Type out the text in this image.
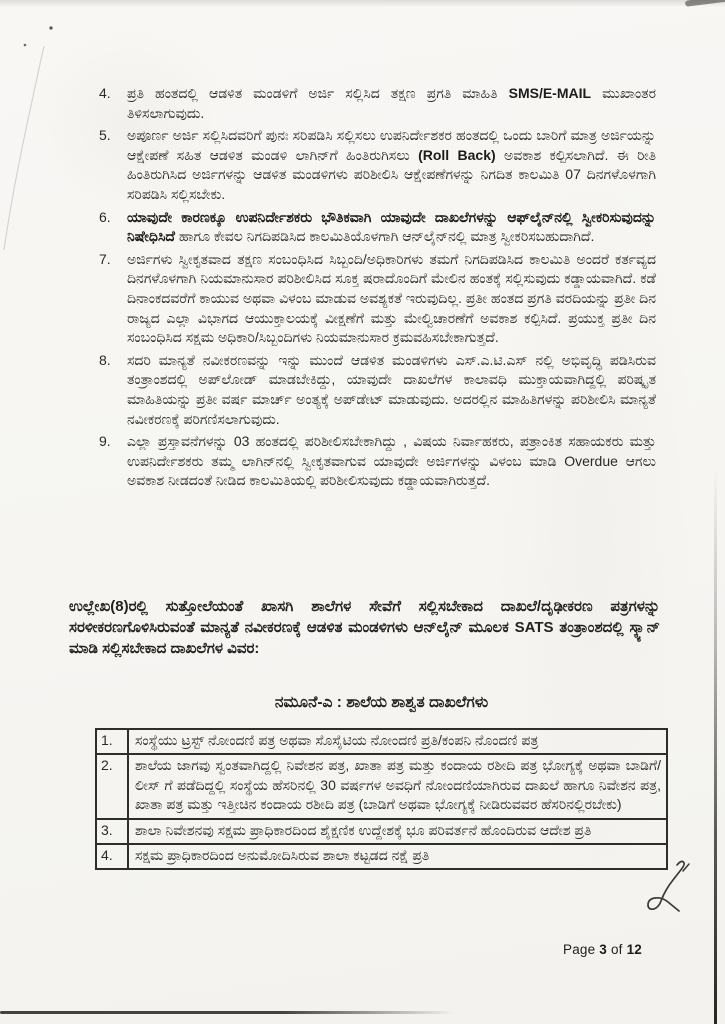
4.	ಪ್ರತಿ ಹಂತದಲ್ಲಿ ಆಡಳಿತ ಮಂಡಳಿಗೆ ಅರ್ಜಿ ಸಲ್ಲಿಸಿದ ತಕ್ಷಣ ಪ್ರಗತಿ ಮಾಹಿತಿ SMS/E-MAIL ಮುಖಾಂತರ ತಿಳಿಸಲಾಗುವುದು.
5.	ಅಪೂರ್ಣ ಅರ್ಜಿ ಸಲ್ಲಿಸಿದವರಿಗೆ ಪುನಃ ಸರಿಪಡಿಸಿ ಸಲ್ಲಿಸಲು ಉಪನಿರ್ದೇಶಕರ ಹಂತದಲ್ಲಿ ಒಂದು ಬಾರಿಗೆ ಮಾತ್ರ ಅರ್ಜಿಯನ್ನು ಆಕ್ಷೇಪಣೆ ಸಹಿತ ಆಡಳಿತ ಮಂಡಳಿ ಲಾಗಿನ್‌ಗೆ ಹಿಂತಿರುಗಿಸಲು (Roll Back) ಅವಕಾಶ ಕಲ್ಪಿಸಲಾಗಿದೆ. ಈ ರೀತಿ ಹಿಂತಿರುಗಿಸಿದ ಅರ್ಜಿಗಳನ್ನು ಆಡಳಿತ ಮಂಡಳಿಗಳು ಪರಿಶೀಲಿಸಿ ಆಕ್ಷೇಪಣೆಗಳನ್ನು ನಿಗದಿತ ಕಾಲಮಿತಿ 07 ದಿನಗಳೊಳಗಾಗಿ ಸರಿಪಡಿಸಿ ಸಲ್ಲಿಸಬೇಕು.
6.	ಯಾವುದೇ ಕಾರಣಕ್ಕೂ ಉಪನಿರ್ದೇಶಕರು ಭೌತಿಕವಾಗಿ ಯಾವುದೇ ದಾಖಲೆಗಳನ್ನು ಆಫ್‌ಲೈನ್‌ನಲ್ಲಿ ಸ್ವೀಕರಿಸುವುದನ್ನು ನಿಷೇಧಿಸಿದೆ ಹಾಗೂ ಕೇವಲ ನಿಗದಿಪಡಿಸಿದ ಕಾಲಮಿತಿಯೊಳಗಾಗಿ ಆನ್‌ಲೈನ್‌ನಲ್ಲಿ ಮಾತ್ರ ಸ್ವೀಕರಿಸಬಹುದಾಗಿದೆ.
7.	ಅರ್ಜಿಗಳು ಸ್ವೀಕೃತವಾದ ತಕ್ಷಣ ಸಂಬಂಧಿಸಿದ ಸಿಬ್ಬಂದಿ/ಅಧಿಕಾರಿಗಳು ತಮಗೆ ನಿಗದಿಪಡಿಸಿದ ಕಾಲಮಿತಿ ಅಂದರೆ ಕರ್ತವ್ಯದ ದಿನಗಳೊಳಗಾಗಿ ನಿಯಮಾನುಸಾರ ಪರಿಶೀಲಿಸಿದ ಸೂಕ್ತ ಷರಾದೊಂದಿಗೆ ಮೇಲಿನ ಹಂತಕ್ಕೆ ಸಲ್ಲಿಸುವುದು ಕಡ್ಡಾಯವಾಗಿದೆ. ಕಡೆ ದಿನಾಂಕದವರೆಗೆ ಕಾಯುವ ಅಥವಾ ವಿಳಂಬ ಮಾಡುವ ಅವಶ್ಯಕತೆ ಇರುವುದಿಲ್ಲ. ಪ್ರತೀ ಹಂತದ ಪ್ರಗತಿ ವರದಿಯನ್ನು ಪ್ರತೀ ದಿನ ರಾಜ್ಯದ ಎಲ್ಲಾ ವಿಭಾಗದ ಆಯುಕ್ತಾಲಯಕ್ಕೆ ವೀಕ್ಷಣೆಗೆ ಮತ್ತು ಮೇಲ್ವಿಚಾರಣೆಗೆ ಅವಕಾಶ ಕಲ್ಪಿಸಿದೆ. ಪ್ರಯುಕ್ತ ಪ್ರತೀ ದಿನ ಸಂಬಂಧಿಸಿದ ಸಕ್ಷಮ ಅಧಿಕಾರಿ/ಸಿಬ್ಬಂದಿಗಳು ನಿಯಮಾನುಸಾರ ಕ್ರಮವಹಿಸಬೇಕಾಗುತ್ತದೆ.
8.	ಸದರಿ ಮಾನ್ಯತೆ ನವೀಕರಣವನ್ನು ಇನ್ನು ಮುಂದೆ ಆಡಳಿತ ಮಂಡಳಿಗಳು ಎಸ್.ಎ.ಟಿ.ಎಸ್ ನಲ್ಲಿ ಅಭಿವೃದ್ಧಿ ಪಡಿಸಿರುವ ತಂತ್ರಾಂಶದಲ್ಲಿ ಅಪ್‌ಲೋಡ್ ಮಾಡಬೇಕಿದ್ದು, ಯಾವುದೇ ದಾಖಲೆಗಳ ಕಾಲಾವಧಿ ಮುಕ್ತಾಯವಾಗಿದ್ದಲ್ಲಿ ಪರಿಷ್ಕೃತ ಮಾಹಿತಿಯನ್ನು ಪ್ರತೀ ವರ್ಷ ಮಾರ್ಚ್ ಅಂತ್ಯಕ್ಕೆ ಅಪ್‌ಡೇಟ್ ಮಾಡುವುದು. ಅದರಲ್ಲಿನ ಮಾಹಿತಿಗಳನ್ನು ಪರಿಶೀಲಿಸಿ ಮಾನ್ಯತೆ ನವೀಕರಣಕ್ಕೆ ಪರಿಗಣಿಸಲಾಗುವುದು.
9.	ಎಲ್ಲಾ ಪ್ರಸ್ತಾವನೆಗಳನ್ನು 03 ಹಂತದಲ್ಲಿ ಪರಿಶೀಲಿಸಬೇಕಾಗಿದ್ದು , ವಿಷಯ ನಿರ್ವಾಹಕರು, ಪತ್ರಾಂಕಿತ ಸಹಾಯಕರು ಮತ್ತು ಉಪನಿರ್ದೇಶಕರು ತಮ್ಮ ಲಾಗಿನ್‌ನಲ್ಲಿ ಸ್ವೀಕೃತವಾಗುವ ಯಾವುದೇ ಅರ್ಜಿಗಳನ್ನು ವಿಳಂಬ ಮಾಡಿ Overdue ಆಗಲು ಅವಕಾಶ ನೀಡದಂತೆ ನೀಡಿದ ಕಾಲಮಿತಿಯಲ್ಲಿ ಪರಿಶೀಲಿಸುವುದು ಕಡ್ಡಾಯವಾಗಿರುತ್ತದೆ.

ಉಲ್ಲೇಖ(8)ರಲ್ಲಿ ಸುತ್ತೋಲೆಯಂತೆ ಖಾಸಗಿ ಶಾಲೆಗಳ ಸೇವೆಗೆ ಸಲ್ಲಿಸಬೇಕಾದ ದಾಖಲೆ/ದೃಢೀಕರಣ ಪತ್ರಗಳನ್ನು ಸರಳೀಕರಣಗೊಳಿಸಿರುವಂತೆ ಮಾನ್ಯತೆ ನವೀಕರಣಕ್ಕೆ ಆಡಳಿತ ಮಂಡಳಿಗಳು ಆನ್‌ಲೈನ್ ಮೂಲಕ SATS ತಂತ್ರಾಂಶದಲ್ಲಿ ಸ್ಕ್ಯಾನ್ ಮಾಡಿ ಸಲ್ಲಿಸಬೇಕಾದ ದಾಖಲೆಗಳ ವಿವರ:

ನಮೂನೆ-ಎ : ಶಾಲೆಯ ಶಾಶ್ವತ ದಾಖಲೆಗಳು
1.	ಸಂಸ್ಥೆಯು ಟ್ರಸ್ಟ್ ನೋಂದಣಿ ಪತ್ರ ಅಥವಾ ಸೊಸೈಟಿಯ ನೋಂದಣಿ ಪ್ರತಿ/ಕಂಪನಿ ನೊಂದಣಿ ಪತ್ರ
2.	ಶಾಲೆಯ ಜಾಗವು ಸ್ವಂತವಾಗಿದ್ದಲ್ಲಿ ನಿವೇಶನ ಪತ್ರ, ಖಾತಾ ಪತ್ರ ಮತ್ತು ಕಂದಾಯ ರಶೀದಿ ಪತ್ರ ಭೋಗ್ಯಕ್ಕೆ ಅಥವಾ ಬಾಡಿಗೆ/ಲೀಸ್ ಗೆ ಪಡೆದಿದ್ದಲ್ಲಿ ಸಂಸ್ಥೆಯ ಹೆಸರಿನಲ್ಲಿ 30 ವರ್ಷಗಳ ಅವಧಿಗೆ ನೋಂದಣಿಯಾಗಿರುವ ದಾಖಲೆ ಹಾಗೂ ನಿವೇಶನ ಪತ್ರ, ಖಾತಾ ಪತ್ರ ಮತ್ತು ಇತ್ತೀಚಿನ ಕಂದಾಯ ರಶೀದಿ ಪತ್ರ (ಬಾಡಿಗೆ ಅಥವಾ ಭೋಗ್ಯಕ್ಕೆ ನೀಡಿರುವವರ ಹೆಸರಿನಲ್ಲಿರಬೇಕು)
3.	ಶಾಲಾ ನಿವೇಶನವು ಸಕ್ಷಮ ಪ್ರಾಧಿಕಾರದಿಂದ ಶೈಕ್ಷಣಿಕ ಉದ್ದೇಶಕ್ಕೆ ಭೂ ಪರಿವರ್ತನೆ ಹೊಂದಿರುವ ಆದೇಶ ಪ್ರತಿ
4.	ಸಕ್ಷಮ ಪ್ರಾಧಿಕಾರದಿಂದ ಅನುಮೋದಿಸಿರುವ ಶಾಲಾ ಕಟ್ಟಡದ ನಕ್ಷೆ ಪ್ರತಿ
Page 3 of 12
